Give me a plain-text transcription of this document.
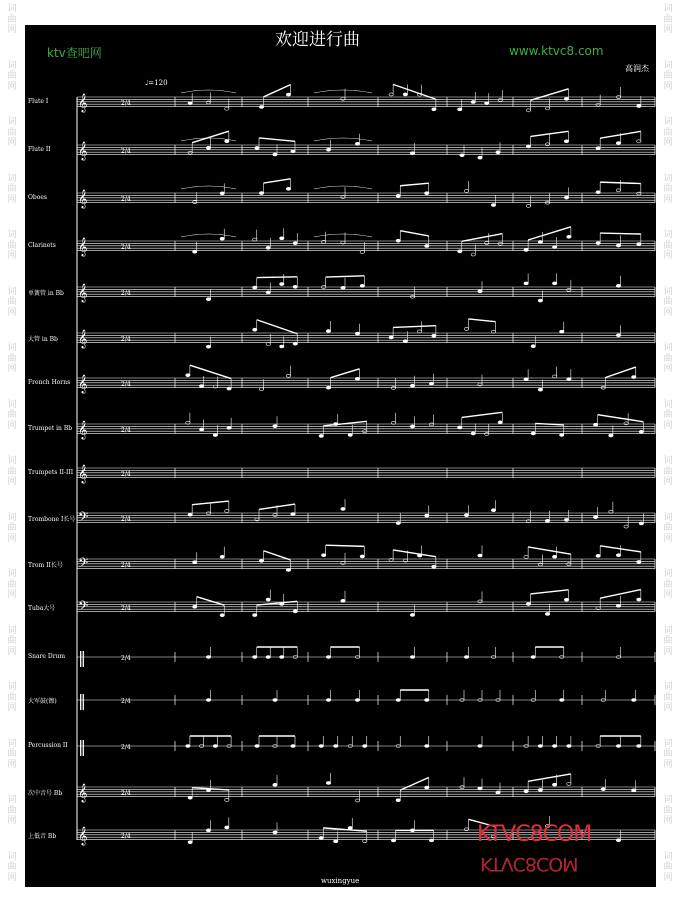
词
曲
网
词
曲
网
词
曲
网
词
曲
网
词
曲
网
词
曲
网
词
曲
网
词
曲
网
词
曲
网
词
曲
网
词
曲
网
词
曲
网
词
曲
网
词
曲
网
词
曲
网
词
曲
网
词
曲
网
词
曲
网
词
曲
网
词
曲
网
词
曲
网
词
曲
网
词
曲
网
词
曲
网
词
曲
网
词
曲
网
词
曲
网
词
曲
网
词
曲
网
词
曲
网
词
曲
网
词
曲
网
𝄞	2/4
𝄞	2/4
𝄞	2/4
𝄞	2/4
𝄞	2/4
𝄞	2/4
𝄞	2/4
𝄞	2/4
𝄞	2/4
𝄢	2/4
𝄢	2/4
𝄢	2/4
‖	2/4
‖	2/4
‖	2/4
𝄞	2/4
𝄞	2/4
♩=120
欢迎进行曲
ktv查吧网	www.ktvc8.com
高润杰
Flute I
Flute II
Oboes
Clarinets
单簧管 in Bb
大管 in Bb
French Horns
Trumpet in Bb
Trombone I长号
Trom II长号
Tuba大号
Snare Drum
大军鼓(镲)
Percussion II
次中音号 Bb
上低音 Bb
Trumpets II-III
wuxingyue
KTVC8COM
KTVC8COM
